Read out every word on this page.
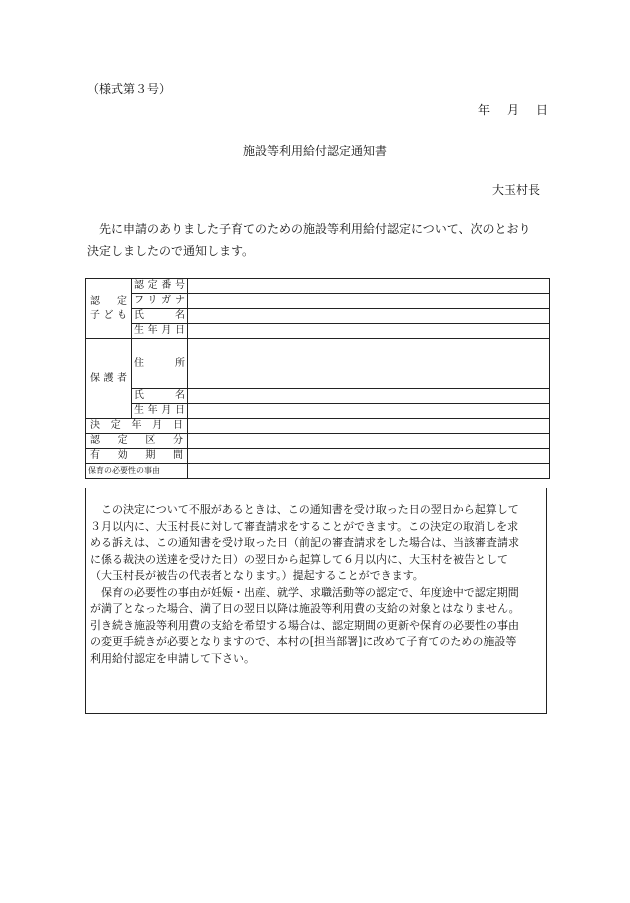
（様式第３号）
年 月 日
施設等利用給付認定通知書
大玉村長
先に申請のありました子育てのための施設等利用給付認定について、次のとおり
決定しましたので通知します。
認定
子ども	認定番号	

	フリガナ	

	氏名	

	生年月日	

保護者	住所	

	氏名	

	生年月日	

決定年月日		

認定区分		

有効期間		

保育の必要性の事由		
　この決定について不服があるときは、この通知書を受け取った日の翌日から起算して
３月以内に、大玉村長に対して審査請求をすることができます。この決定の取消しを求
める訴えは、この通知書を受け取った日（前記の審査請求をした場合は、当該審査請求
に係る裁決の送達を受けた日）の翌日から起算して６月以内に、大玉村を被告として
（大玉村長が被告の代表者となります。）提起することができます。
　保育の必要性の事由が妊娠・出産、就学、求職活動等の認定で、年度途中で認定期間
が満了となった場合、満了日の翌日以降は施設等利用費の支給の対象とはなりません。
引き続き施設等利用費の支給を希望する場合は、認定期間の更新や保育の必要性の事由
の変更手続きが必要となりますので、本村の[担当部署]に改めて子育てのための施設等
利用給付認定を申請して下さい。
